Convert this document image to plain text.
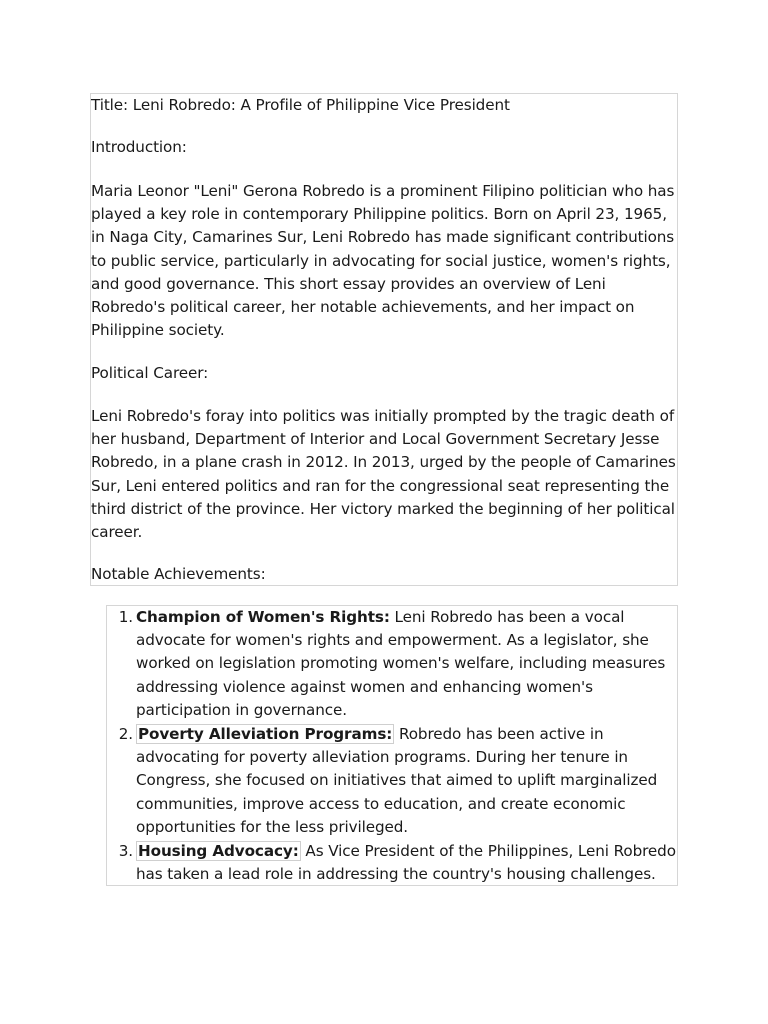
Title: Leni Robredo: A Profile of Philippine Vice President

Introduction:

Maria Leonor "Leni" Gerona Robredo is a prominent Filipino politician who has played a key role in contemporary Philippine politics. Born on April 23, 1965, in Naga City, Camarines Sur, Leni Robredo has made significant contributions to public service, particularly in advocating for social justice, women's rights, and good governance. This short essay provides an overview of Leni Robredo's political career, her notable achievements, and her impact on Philippine society.

Political Career:

Leni Robredo's foray into politics was initially prompted by the tragic death of her husband, Department of Interior and Local Government Secretary Jesse Robredo, in a plane crash in 2012. In 2013, urged by the people of Camarines Sur, Leni entered politics and ran for the congressional seat representing the third district of the province. Her victory marked the beginning of her political career.

Notable Achievements:

1. Champion of Women's Rights: Leni Robredo has been a vocal advocate for women's rights and empowerment. As a legislator, she worked on legislation promoting women's welfare, including measures addressing violence against women and enhancing women's participation in governance.
2. Poverty Alleviation Programs: Robredo has been active in advocating for poverty alleviation programs. During her tenure in Congress, she focused on initiatives that aimed to uplift marginalized communities, improve access to education, and create economic opportunities for the less privileged.
3. Housing Advocacy: As Vice President of the Philippines, Leni Robredo has taken a lead role in addressing the country's housing challenges.
